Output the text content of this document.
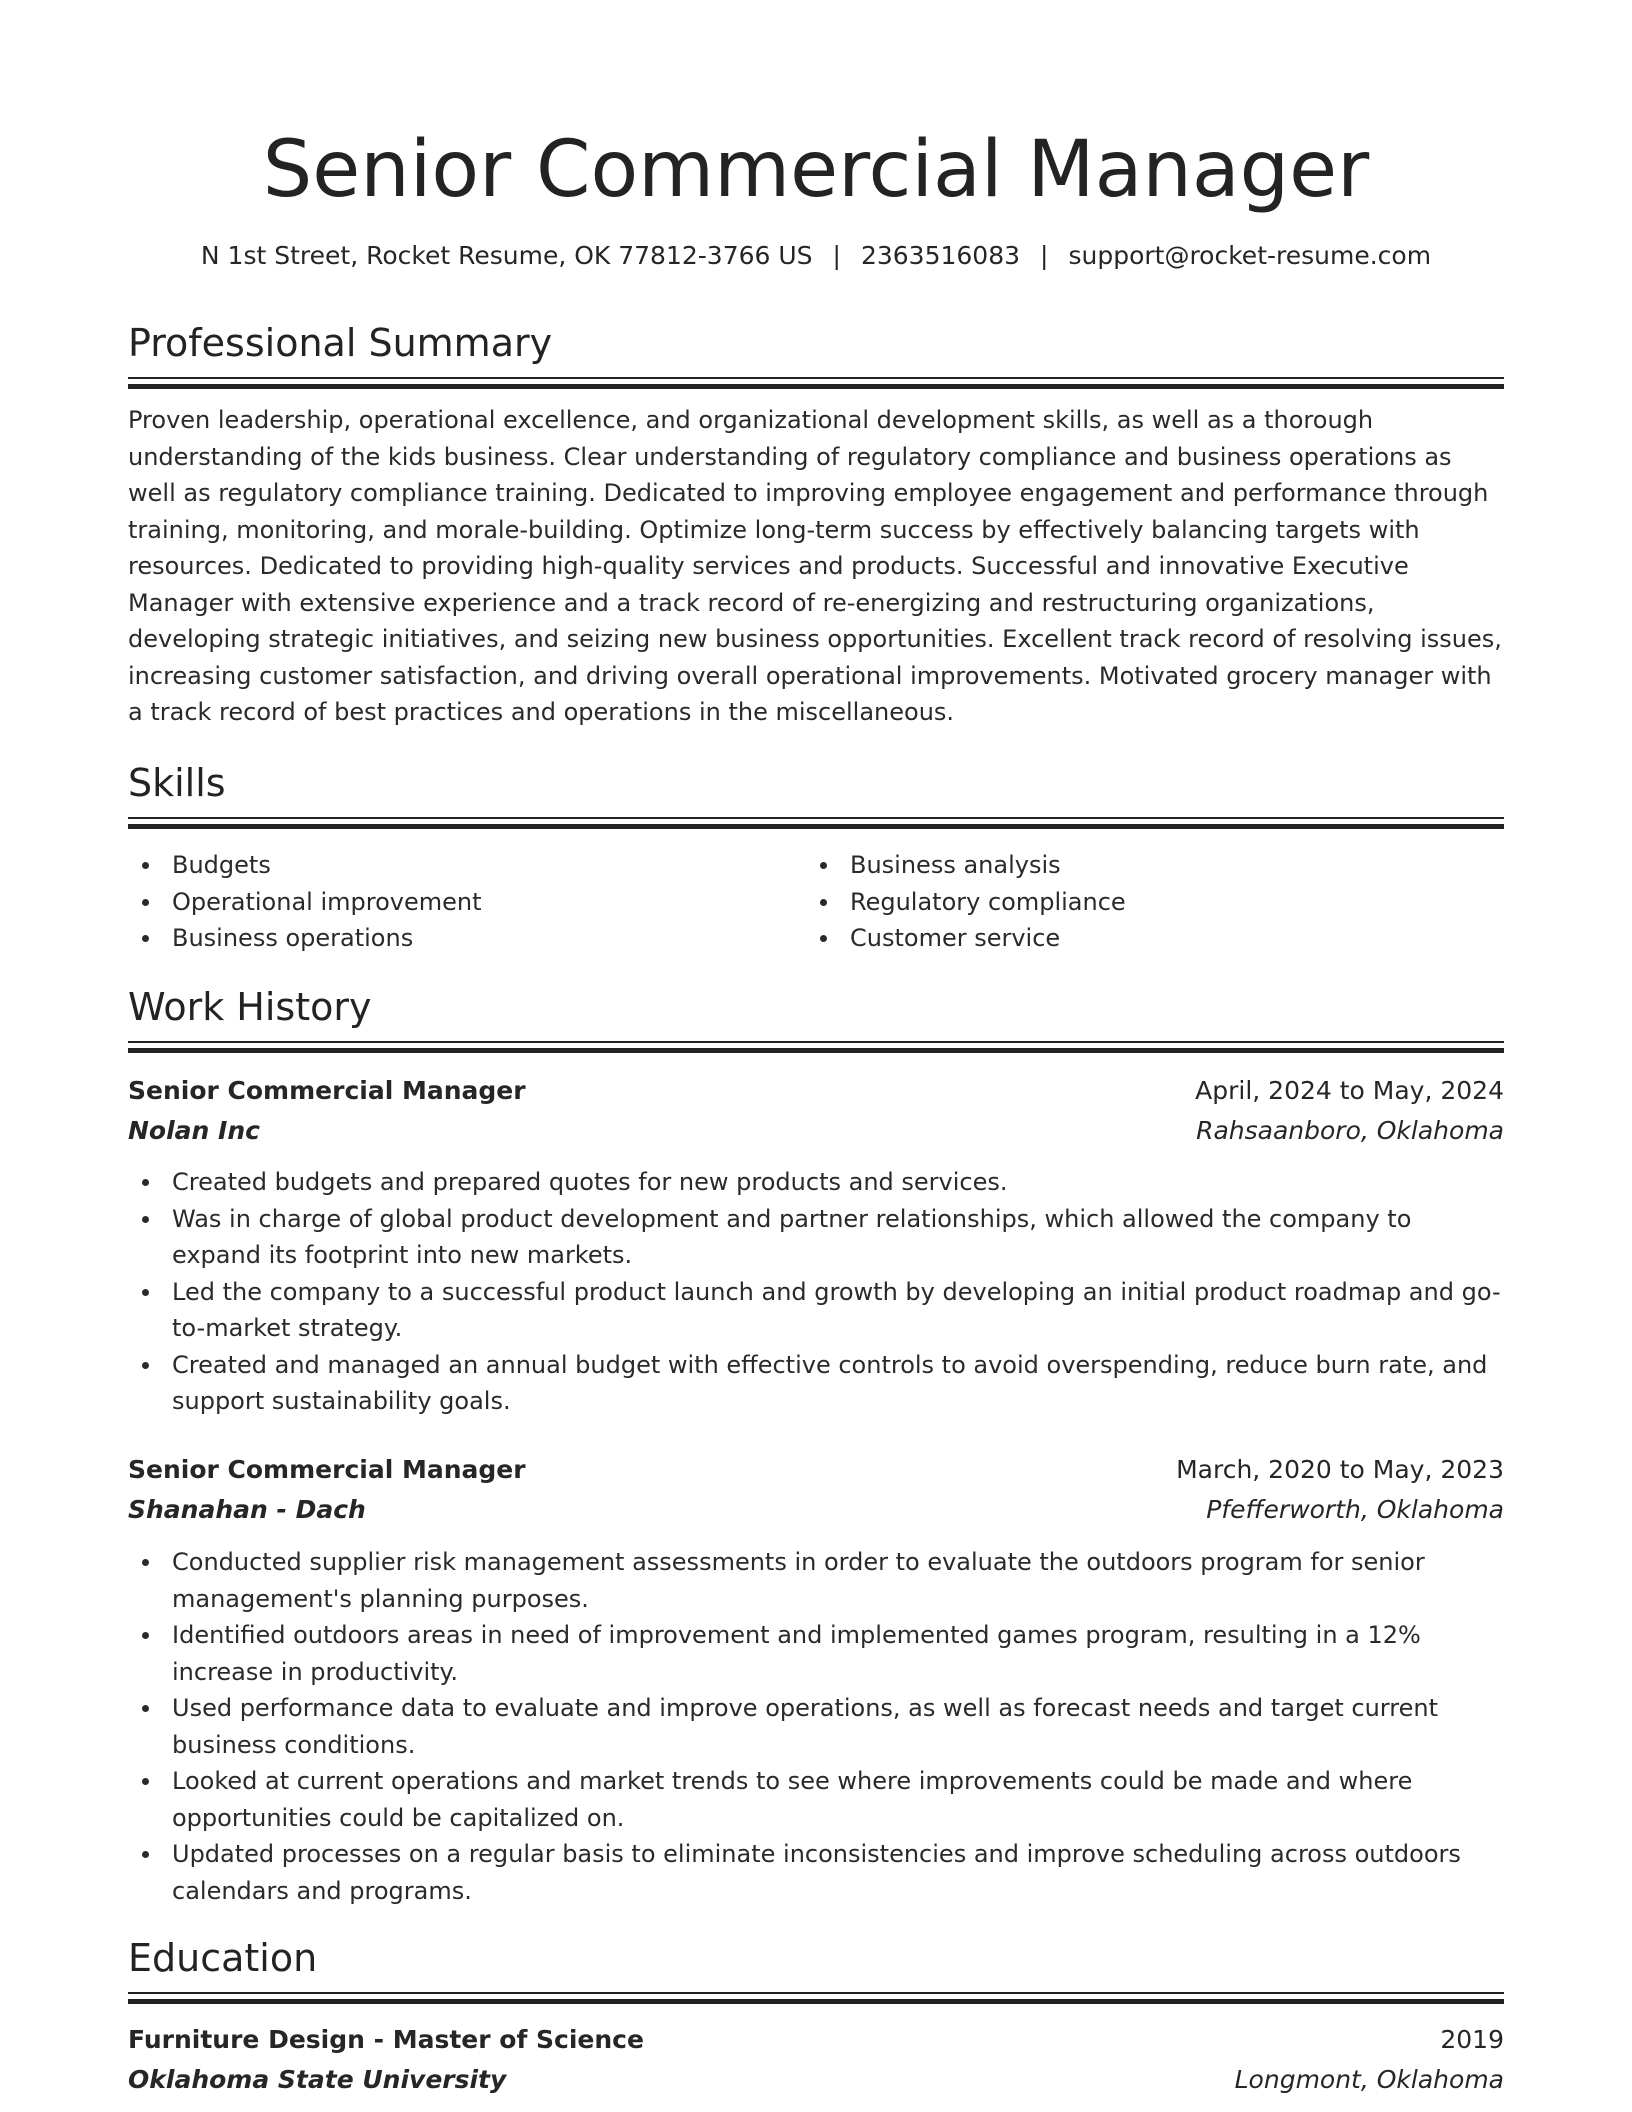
Senior Commercial Manager
N 1st Street, Rocket Resume, OK 77812-3766 US | 2363516083 | support@rocket-resume.com
Professional Summary

Proven leadership, operational excellence, and organizational development skills, as well as a thorough understanding of the kids business. Clear understanding of regulatory compliance and business operations as well as regulatory compliance training. Dedicated to improving employee engagement and performance through training, monitoring, and morale-building. Optimize long-term success by effectively balancing targets with resources. Dedicated to providing high-quality services and products. Successful and innovative Executive Manager with extensive experience and a track record of re-energizing and restructuring organizations, developing strategic initiatives, and seizing new business opportunities. Excellent track record of resolving issues, increasing customer satisfaction, and driving overall operational improvements. Motivated grocery manager with a track record of best practices and operations in the miscellaneous.

Skills
Budgets
Operational improvement
Business operations
Business analysis
Regulatory compliance
Customer service
Work History
Senior Commercial Manager	April, 2024 to May, 2024
Nolan Inc	Rahsaanboro, Oklahoma
Created budgets and prepared quotes for new products and services.
Was in charge of global product development and partner relationships, which allowed the company to expand its footprint into new markets.
Led the company to a successful product launch and growth by developing an initial product roadmap and go-to-market strategy.
Created and managed an annual budget with effective controls to avoid overspending, reduce burn rate, and support sustainability goals.
Senior Commercial Manager	March, 2020 to May, 2023
Shanahan - Dach	Pfefferworth, Oklahoma
Conducted supplier risk management assessments in order to evaluate the outdoors program for senior management's planning purposes.
Identified outdoors areas in need of improvement and implemented games program, resulting in a 12% increase in productivity.
Used performance data to evaluate and improve operations, as well as forecast needs and target current business conditions.
Looked at current operations and market trends to see where improvements could be made and where opportunities could be capitalized on.
Updated processes on a regular basis to eliminate inconsistencies and improve scheduling across outdoors calendars and programs.
Education
Furniture Design - Master of Science	2019
Oklahoma State University	Longmont, Oklahoma
